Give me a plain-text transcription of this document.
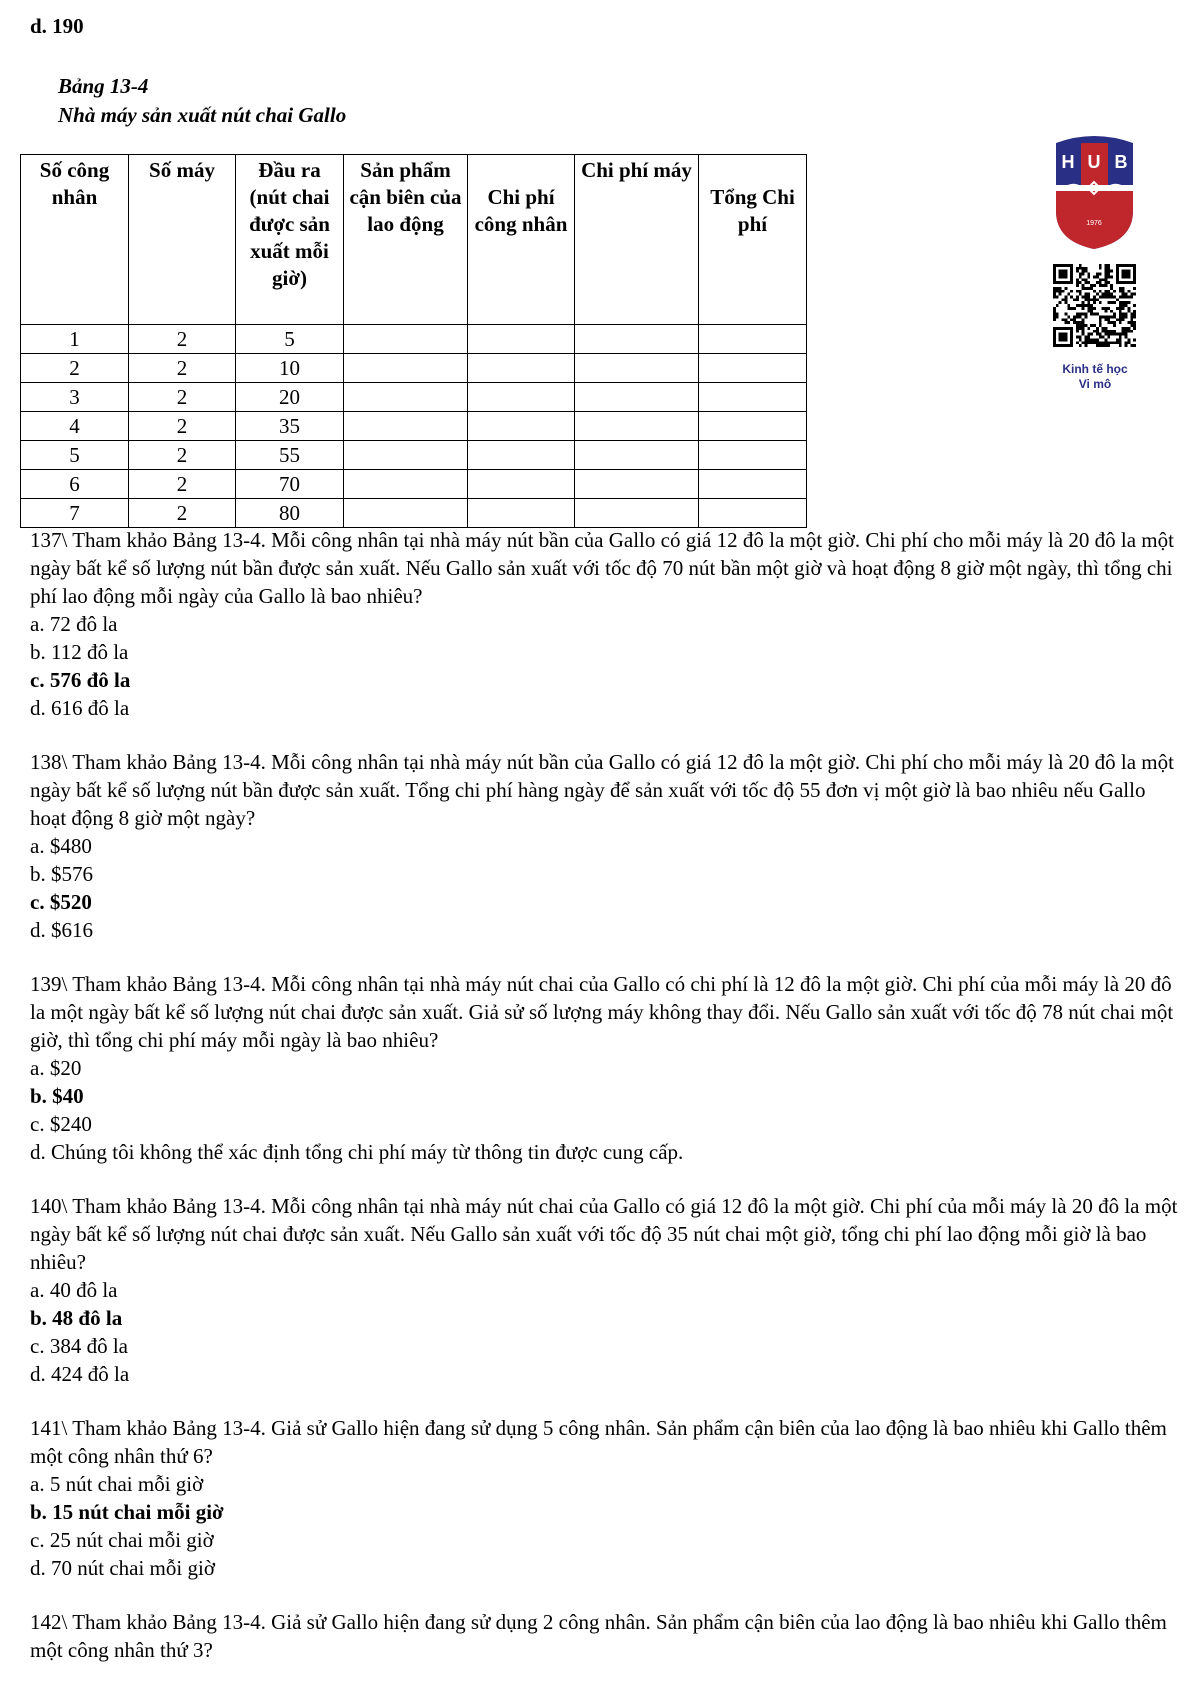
d. 190
Bảng 13-4
Nhà máy sản xuất nút chai Gallo
Số công nhân	Số máy	Đầu ra (nút chai được sản xuất mỗi giờ)	Sản phẩm cận biên của lao động	Chi phí công nhân	Chi phí máy	Tổng Chi phí
1	2	5				
2	2	10				
3	2	20				
4	2	35				
5	2	55				
6	2	70				
7	2	80				
H U B
1976
Kinh tế học
Vi mô

137\ Tham khảo Bảng 13-4. Mỗi công nhân tại nhà máy nút bần của Gallo có giá 12 đô la một giờ. Chi phí cho mỗi máy là 20 đô la một ngày bất kể số lượng nút bần được sản xuất. Nếu Gallo sản xuất với tốc độ 70 nút bần một giờ và hoạt động 8 giờ một ngày, thì tổng chi phí lao động mỗi ngày của Gallo là bao nhiêu?

a. 72 đô la

b. 112 đô la

c. 576 đô la

d. 616 đô la

138\ Tham khảo Bảng 13-4. Mỗi công nhân tại nhà máy nút bần của Gallo có giá 12 đô la một giờ. Chi phí cho mỗi máy là 20 đô la một ngày bất kể số lượng nút bần được sản xuất. Tổng chi phí hàng ngày để sản xuất với tốc độ 55 đơn vị một giờ là bao nhiêu nếu Gallo hoạt động 8 giờ một ngày?

a. $480

b. $576

c. $520

d. $616

139\ Tham khảo Bảng 13-4. Mỗi công nhân tại nhà máy nút chai của Gallo có chi phí là 12 đô la một giờ. Chi phí của mỗi máy là 20 đô la một ngày bất kể số lượng nút chai được sản xuất. Giả sử số lượng máy không thay đổi. Nếu Gallo sản xuất với tốc độ 78 nút chai một giờ, thì tổng chi phí máy mỗi ngày là bao nhiêu?

a. $20

b. $40

c. $240

d. Chúng tôi không thể xác định tổng chi phí máy từ thông tin được cung cấp.

140\ Tham khảo Bảng 13-4. Mỗi công nhân tại nhà máy nút chai của Gallo có giá 12 đô la một giờ. Chi phí của mỗi máy là 20 đô la một ngày bất kể số lượng nút chai được sản xuất. Nếu Gallo sản xuất với tốc độ 35 nút chai một giờ, tổng chi phí lao động mỗi giờ là bao nhiêu?

a. 40 đô la

b. 48 đô la

c. 384 đô la

d. 424 đô la

141\ Tham khảo Bảng 13-4. Giả sử Gallo hiện đang sử dụng 5 công nhân. Sản phẩm cận biên của lao động là bao nhiêu khi Gallo thêm một công nhân thứ 6?

a. 5 nút chai mỗi giờ

b. 15 nút chai mỗi giờ

c. 25 nút chai mỗi giờ

d. 70 nút chai mỗi giờ

142\ Tham khảo Bảng 13-4. Giả sử Gallo hiện đang sử dụng 2 công nhân. Sản phẩm cận biên của lao động là bao nhiêu khi Gallo thêm một công nhân thứ 3?
